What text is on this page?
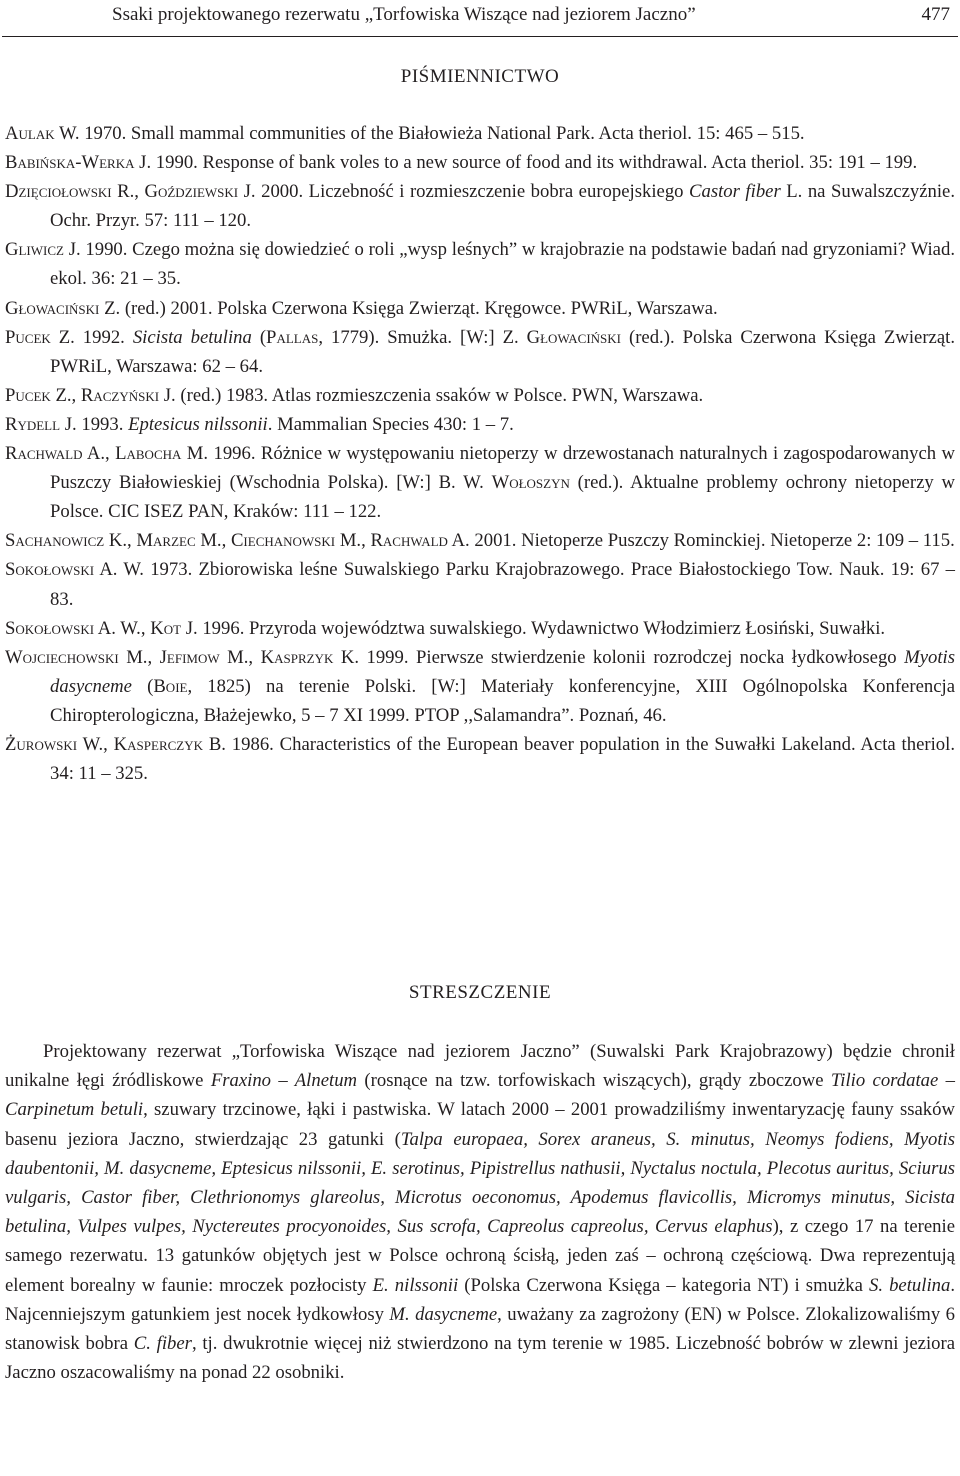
Ssaki projektowanego rezerwatu „Torfowiska Wiszące nad jeziorem Jaczno”	477
PIŚMIENNICTWO
Aulak W. 1970. Small mammal communities of the Białowieża National Park. Acta theriol. 15: 465 – 515.
Babińska-Werka J. 1990. Response of bank voles to a new source of food and its withdrawal. Acta theriol. 35: 191 – 199.
Dzięciołowski R., Goździewski J. 2000. Liczebność i rozmieszczenie bobra europejskiego Castor fiber L. na Suwalszczyźnie. Ochr. Przyr. 57: 111 – 120.
Gliwicz J. 1990. Czego można się dowiedzieć o roli „wysp leśnych” w krajobrazie na podstawie badań nad gryzoniami? Wiad. ekol. 36: 21 – 35.
Głowaciński Z. (red.) 2001. Polska Czerwona Księga Zwierząt. Kręgowce. PWRiL, Warszawa.
Pucek Z. 1992. Sicista betulina (Pallas, 1779). Smużka. [W:] Z. Głowaciński (red.). Polska Czerwona Księga Zwierząt. PWRiL, Warszawa: 62 – 64.
Pucek Z., Raczyński J. (red.) 1983. Atlas rozmieszczenia ssaków w Polsce. PWN, Warszawa.
Rydell J. 1993. Eptesicus nilssonii. Mammalian Species 430: 1 – 7.
Rachwald A., Labocha M. 1996. Różnice w występowaniu nietoperzy w drzewostanach naturalnych i zagospodarowanych w Puszczy Białowieskiej (Wschodnia Polska). [W:] B. W. Wołoszyn (red.). Aktualne problemy ochrony nietoperzy w Polsce. CIC ISEZ PAN, Kraków: 111 – 122.
Sachanowicz K., Marzec M., Ciechanowski M., Rachwald A. 2001. Nietoperze Puszczy Rominckiej. Nietoperze 2: 109 – 115.
Sokołowski A. W. 1973. Zbiorowiska leśne Suwalskiego Parku Krajobrazowego. Prace Białostockiego Tow. Nauk. 19: 67 – 83.
Sokołowski A. W., Kot J. 1996. Przyroda województwa suwalskiego. Wydawnictwo Włodzimierz Łosiński, Suwałki.
Wojciechowski M., Jefimow M., Kasprzyk K. 1999. Pierwsze stwierdzenie kolonii rozrodczej nocka łydkowłosego Myotis dasycneme (Boie, 1825) na terenie Polski. [W:] Materiały konferencyjne, XIII Ogólnopolska Konferencja Chiropterologiczna, Błażejewko, 5 – 7 XI 1999. PTOP ,,Salamandra”. Poznań, 46.
Żurowski W., Kasperczyk B. 1986. Characteristics of the European beaver population in the Suwałki Lakeland. Acta theriol. 34: 11 – 325.
STRESZCZENIE
Projektowany rezerwat „Torfowiska Wiszące nad jeziorem Jaczno” (Suwalski Park Krajobrazowy) będzie chronił unikalne łęgi źródliskowe Fraxino – Alnetum (rosnące na tzw. torfowiskach wiszących), grądy zboczowe Tilio cordatae – Carpinetum betuli, szuwary trzcinowe, łąki i pastwiska. W latach 2000 – 2001 prowadziliśmy inwentaryzację fauny ssaków basenu jeziora Jaczno, stwierdzając 23 gatunki (Talpa europaea, Sorex araneus, S. minutus, Neomys fodiens, Myotis daubentonii, M. dasycneme, Eptesicus nilssonii, E. serotinus, Pipistrellus nathusii, Nyctalus noctula, Plecotus auritus, Sciurus vulgaris, Castor fiber, Clethrionomys glareolus, Microtus oeconomus, Apodemus flavicollis, Micromys minutus, Sicista betulina, Vulpes vulpes, Nyctereutes procyonoides, Sus scrofa, Capreolus capreolus, Cervus elaphus), z czego 17 na terenie samego rezerwatu. 13 gatunków objętych jest w Polsce ochroną ścisłą, jeden zaś – ochroną częściową. Dwa reprezentują element borealny w faunie: mroczek pozłocisty E. nilssonii (Polska Czerwona Księga – kategoria NT) i smużka S. betulina. Najcenniejszym gatunkiem jest nocek łydkowłosy M. dasycneme, uważany za zagrożony (EN) w Polsce. Zlokalizowaliśmy 6 stanowisk bobra C. fiber, tj. dwukrotnie więcej niż stwierdzono na tym terenie w 1985. Liczebność bobrów w zlewni jeziora Jaczno oszacowaliśmy na ponad 22 osobniki.
